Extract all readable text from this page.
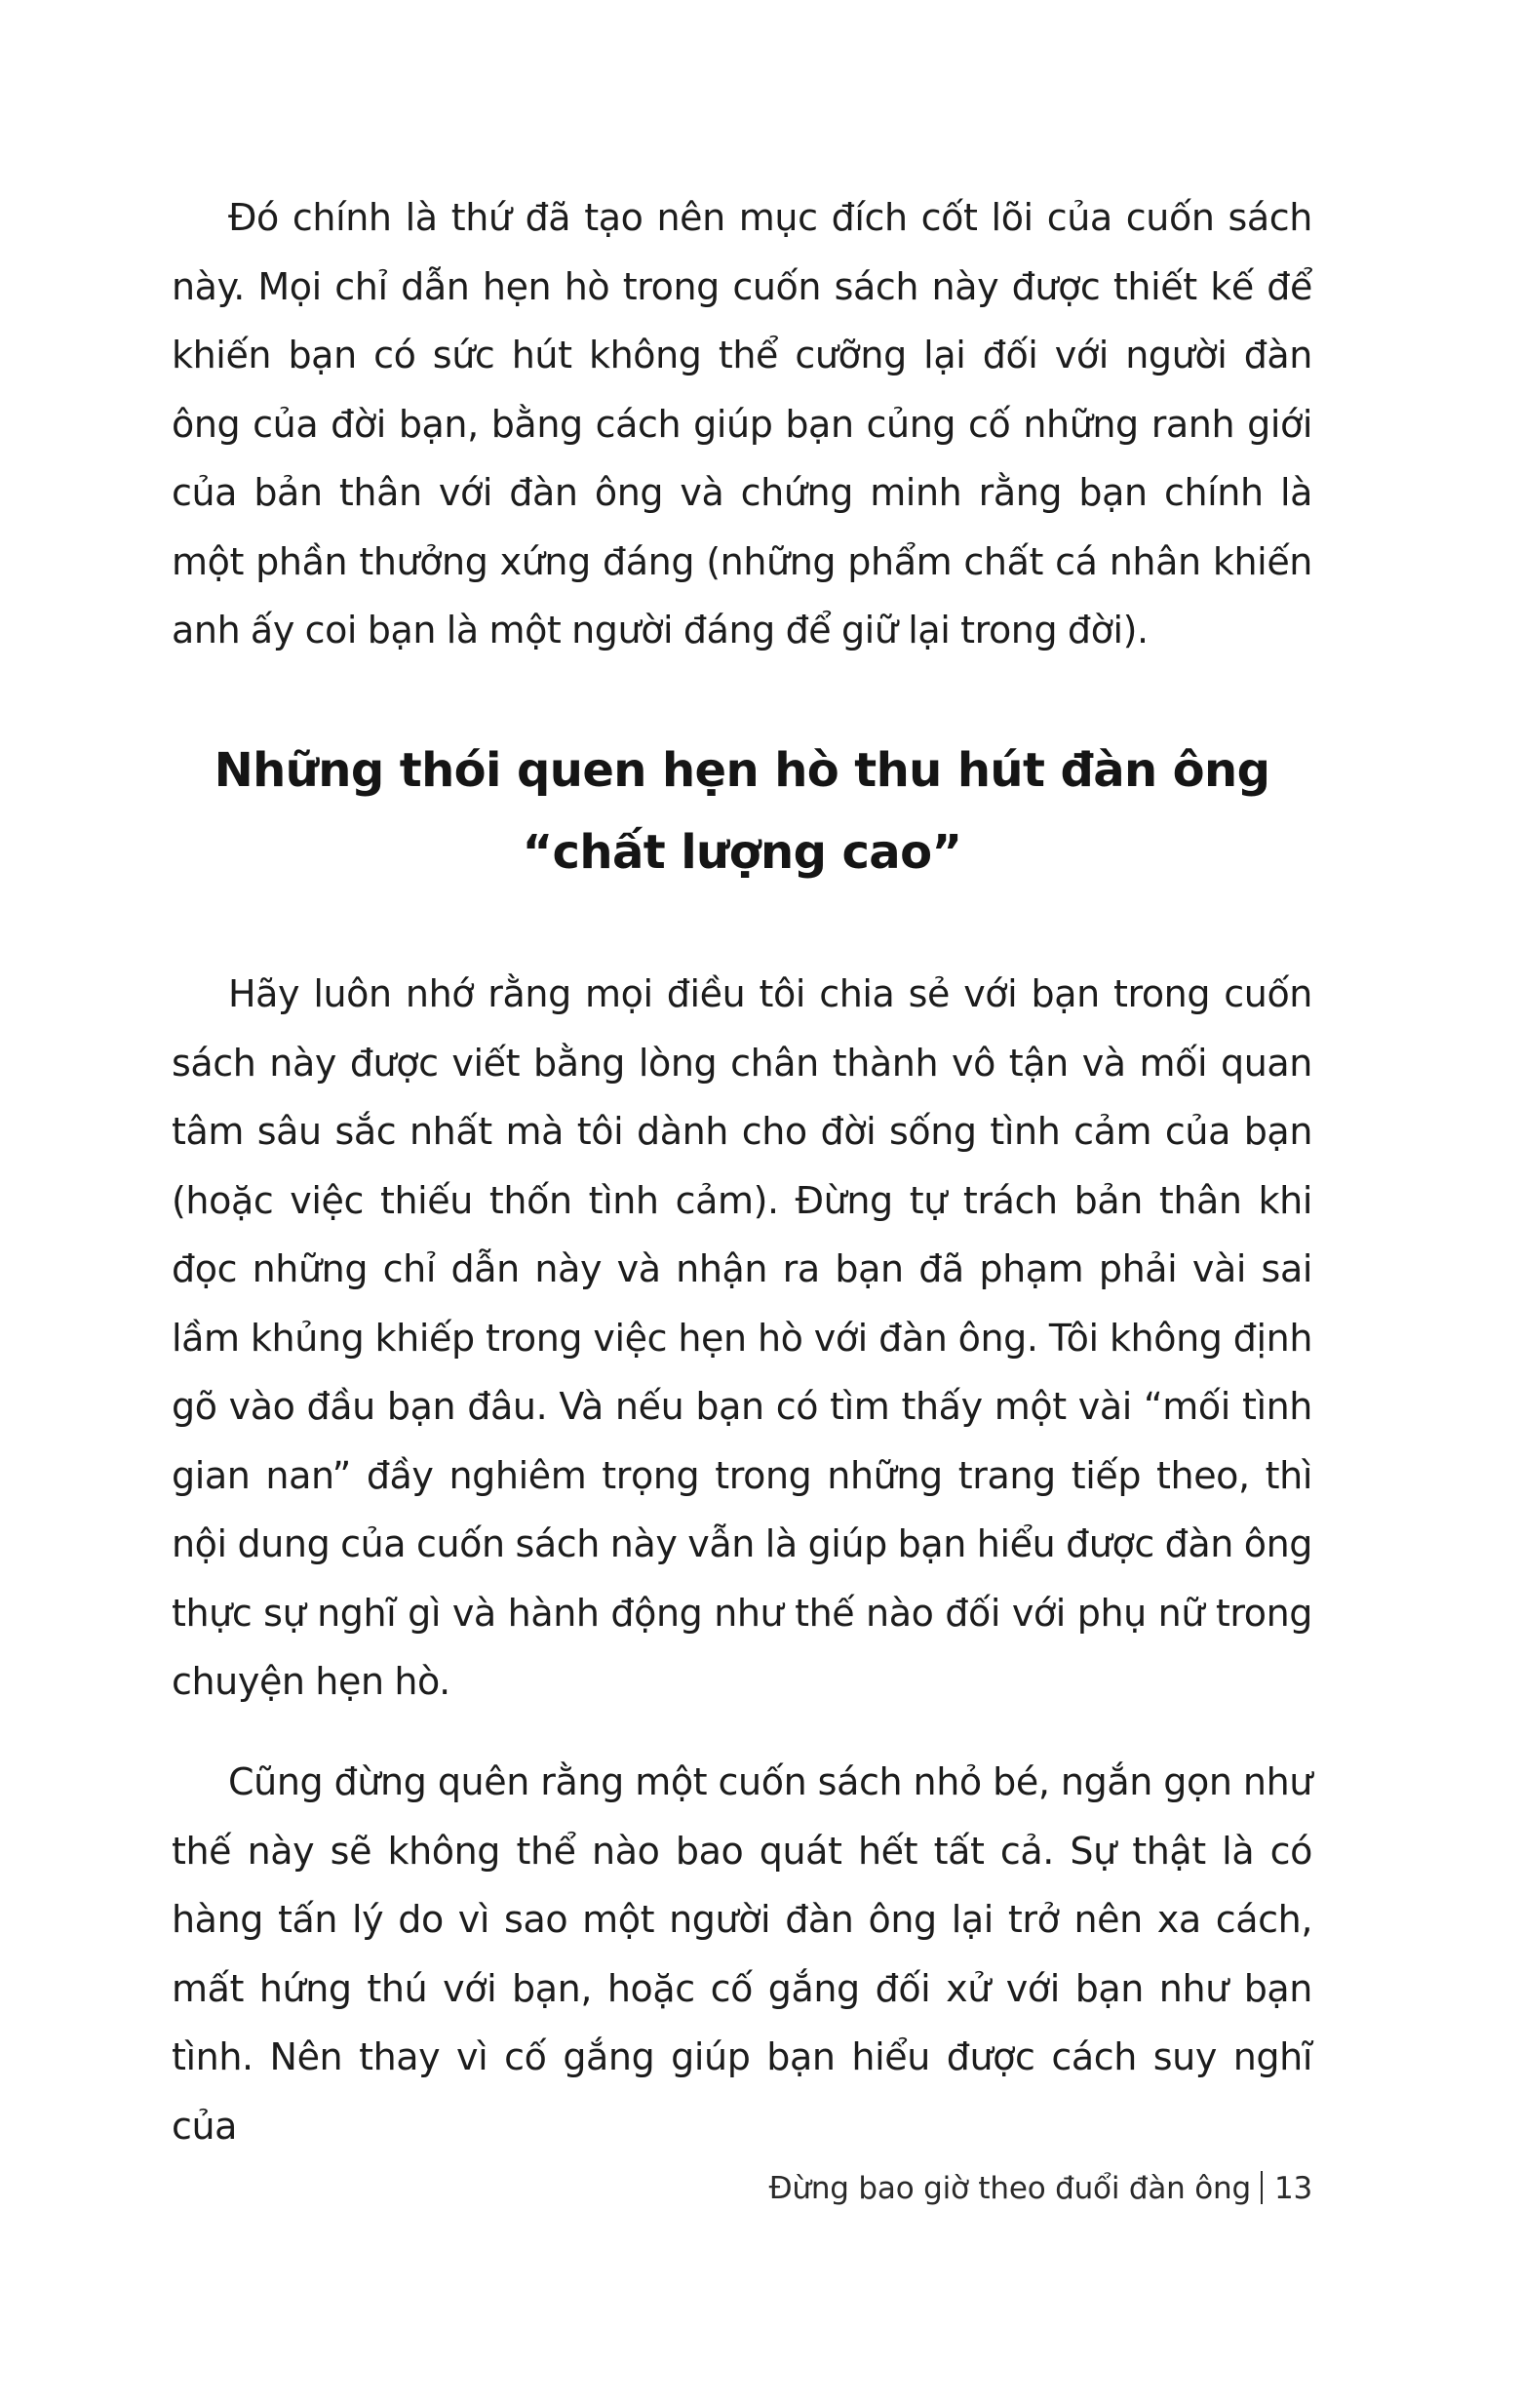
Đó chính là thứ đã tạo nên mục đích cốt lõi của cuốn sách này. Mọi chỉ dẫn hẹn hò trong cuốn sách này được thiết kế để khiến bạn có sức hút không thể cưỡng lại đối với người đàn ông của đời bạn, bằng cách giúp bạn củng cố những ranh giới của bản thân với đàn ông và chứng minh rằng bạn chính là một phần thưởng xứng đáng (những phẩm chất cá nhân khiến anh ấy coi bạn là một người đáng để giữ lại trong đời).

Những thói quen hẹn hò thu hút đàn ông
“chất lượng cao”

Hãy luôn nhớ rằng mọi điều tôi chia sẻ với bạn trong cuốn sách này được viết bằng lòng chân thành vô tận và mối quan tâm sâu sắc nhất mà tôi dành cho đời sống tình cảm của bạn (hoặc việc thiếu thốn tình cảm). Đừng tự trách bản thân khi đọc những chỉ dẫn này và nhận ra bạn đã phạm phải vài sai lầm khủng khiếp trong việc hẹn hò với đàn ông. Tôi không định gõ vào đầu bạn đâu. Và nếu bạn có tìm thấy một vài “mối tình gian nan” đầy nghiêm trọng trong những trang tiếp theo, thì nội dung của cuốn sách này vẫn là giúp bạn hiểu được đàn ông thực sự nghĩ gì và hành động như thế nào đối với phụ nữ trong chuyện hẹn hò.

Cũng đừng quên rằng một cuốn sách nhỏ bé, ngắn gọn như thế này sẽ không thể nào bao quát hết tất cả. Sự thật là có hàng tấn lý do vì sao một người đàn ông lại trở nên xa cách, mất hứng thú với bạn, hoặc cố gắng đối xử với bạn như bạn tình. Nên thay vì cố gắng giúp bạn hiểu được cách suy nghĩ của

Đừng bao giờ theo đuổi đàn ông 13
